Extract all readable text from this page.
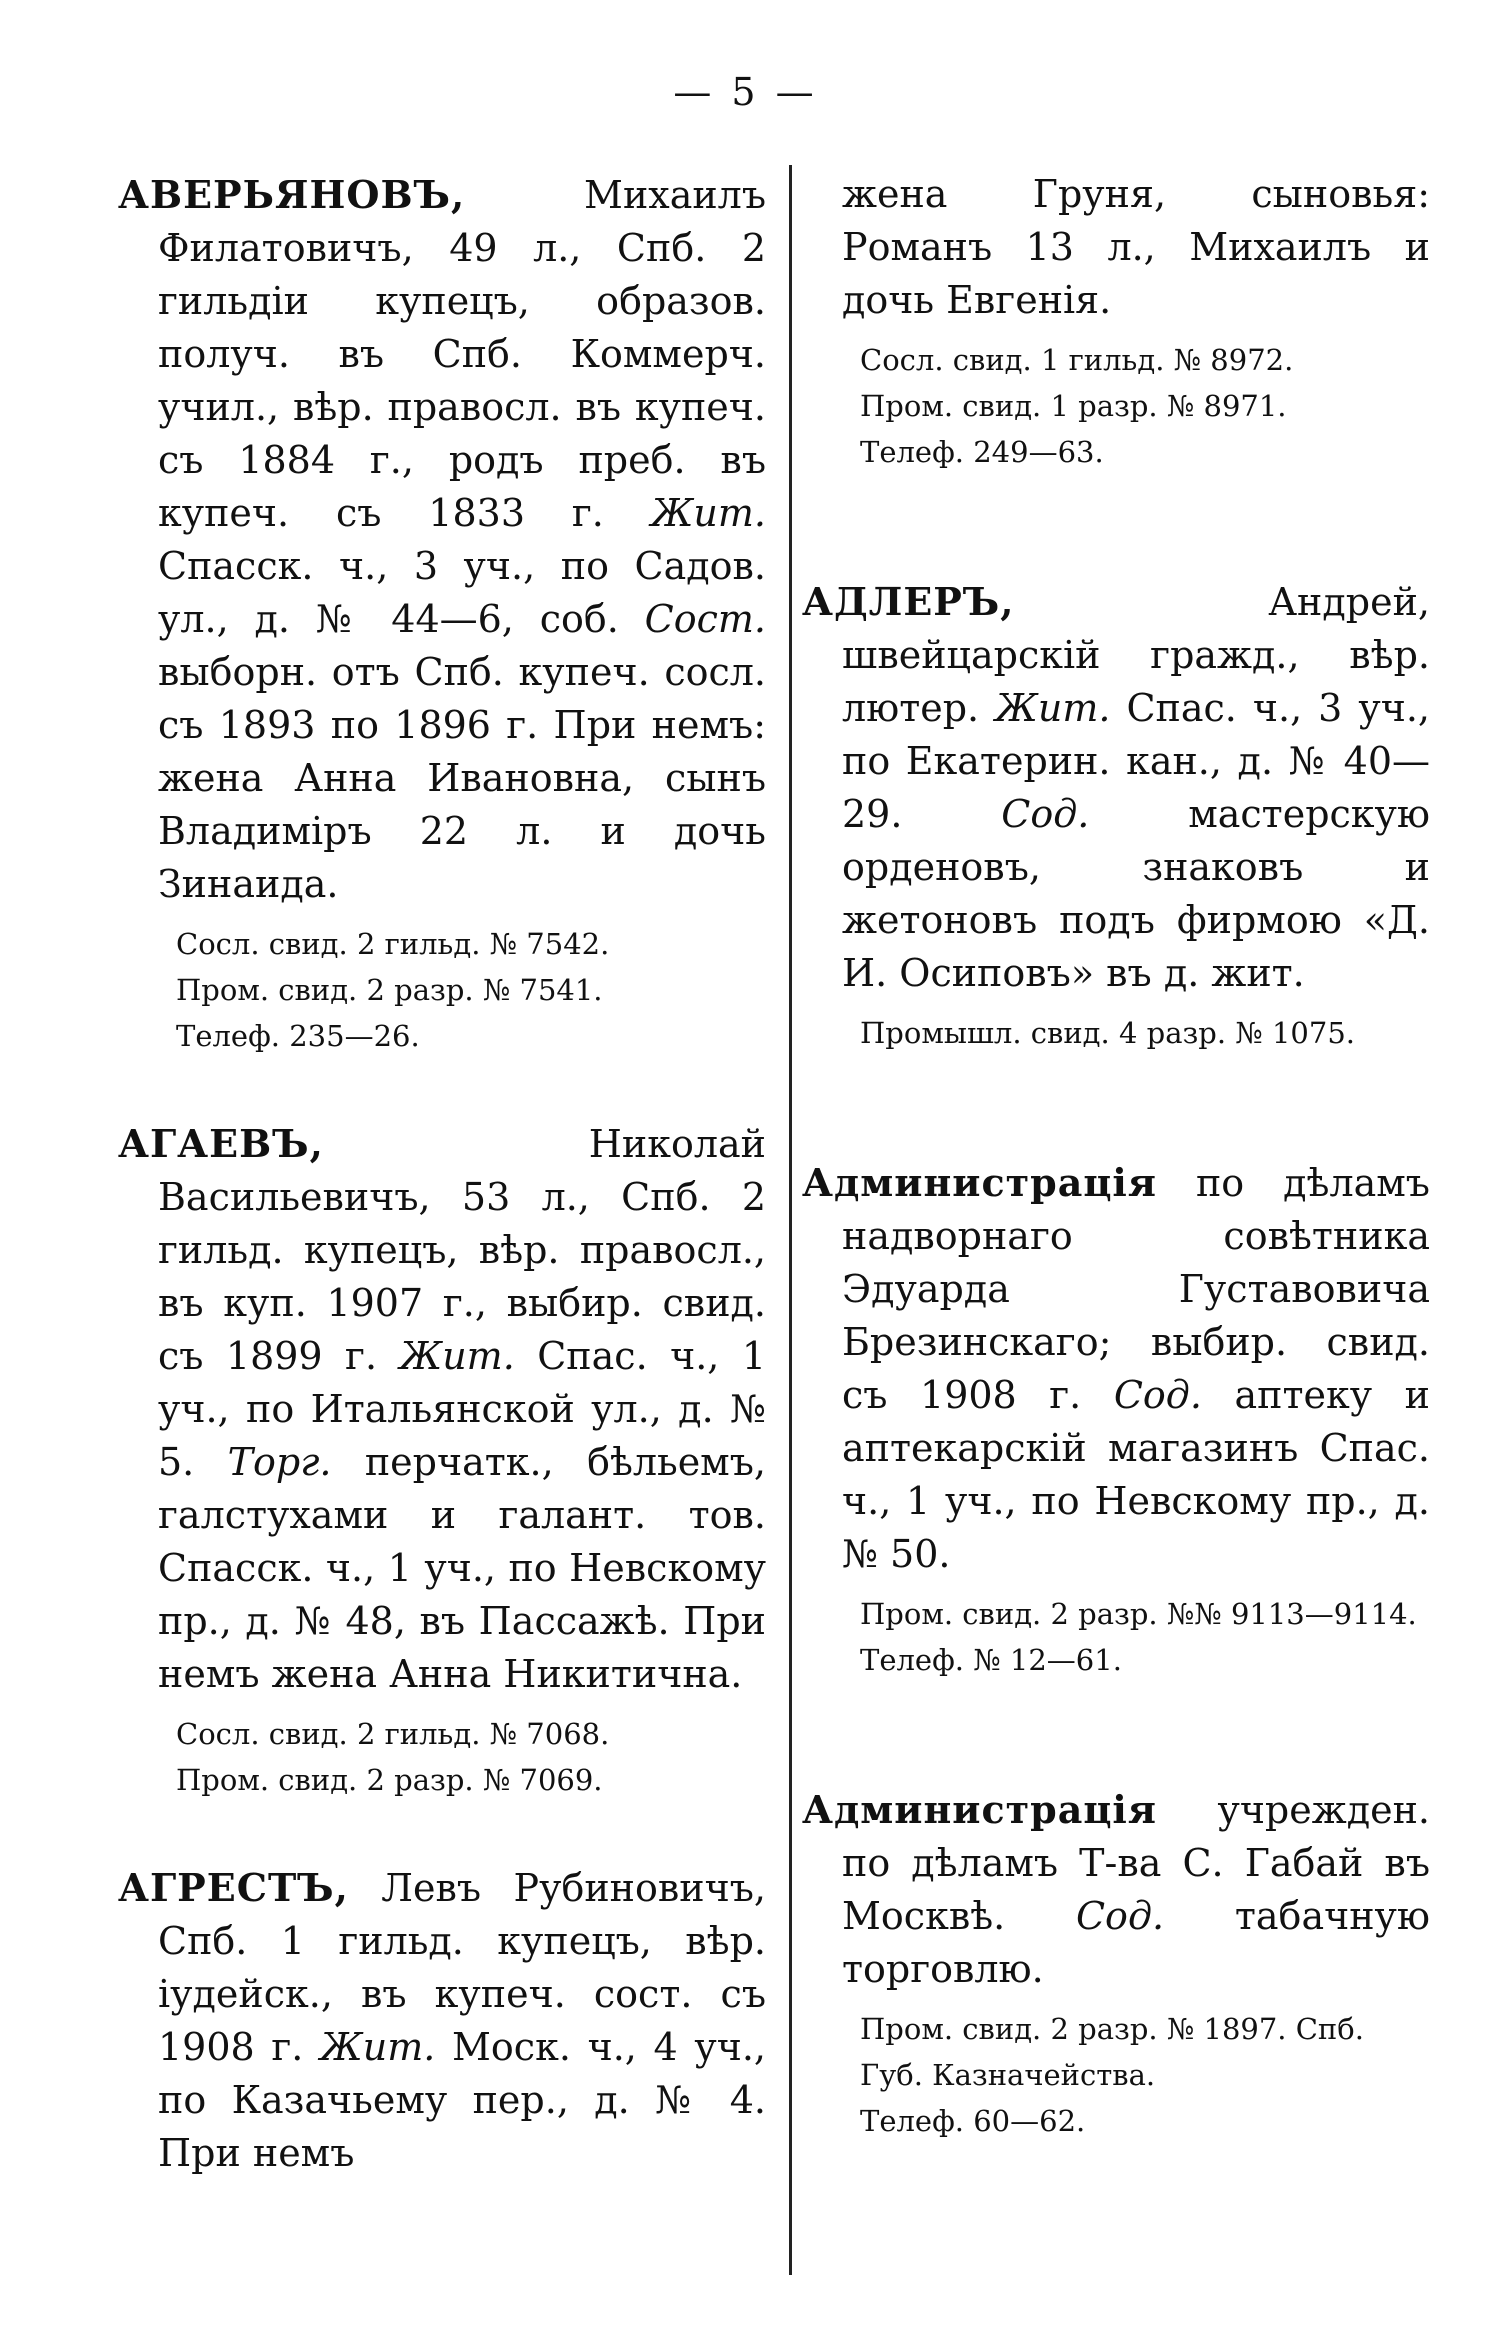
— 5 —

АВЕРЬЯНОВЪ, Михаилъ Филатовичъ, 49 л., Спб. 2 гильдіи купецъ, образов. получ. въ Спб. Коммерч. учил., вѣр. правосл. въ купеч. съ 1884 г., родъ преб. въ купеч. съ 1833 г. Жит. Спасск. ч., 3 уч., по Садов. ул., д. № 44—6, соб. Сост. выборн. отъ Спб. купеч. сосл. съ 1893 по 1896 г. При немъ: жена Анна Ивановна, сынъ Владиміръ 22 л. и дочь Зинаида.

Сосл. свид. 2 гильд. № 7542.
Пром. свид. 2 разр. № 7541.
Телеф. 235—26.

АГАЕВЪ, Николай Васильевичъ, 53 л., Спб. 2 гильд. купецъ, вѣр. правосл., въ куп. 1907 г., выбир. свид. съ 1899 г. Жит. Спас. ч., 1 уч., по Итальянской ул., д. № 5. Торг. перчатк., бѣльемъ, галстухами и галант. тов. Спасск. ч., 1 уч., по Невскому пр., д. № 48, въ Пассажѣ. При немъ жена Анна Никитична.

Сосл. свид. 2 гильд. № 7068.
Пром. свид. 2 разр. № 7069.

АГРЕСТЪ, Левъ Рубиновичъ, Спб. 1 гильд. купецъ, вѣр. іудейск., въ купеч. сост. съ 1908 г. Жит. Моск. ч., 4 уч., по Казачьему пер., д. № 4. При немъ

жена Груня, сыновья: Романъ 13 л., Михаилъ и дочь Евгенія.

Сосл. свид. 1 гильд. № 8972.
Пром. свид. 1 разр. № 8971.
Телеф. 249—63.

АДЛЕРЪ, Андрей, швейцарскій гражд., вѣр. лютер. Жит. Спас. ч., 3 уч., по Екатерин. кан., д. № 40—29. Сод. мастерскую орденовъ, знаковъ и жетоновъ подъ фирмою «Д. И. Осиповъ» въ д. жит.

Промышл. свид. 4 разр. № 1075.

Администрація по дѣламъ надворнаго совѣтника Эдуарда Густавовича Брезинскаго; выбир. свид. съ 1908 г. Сод. аптеку и аптекарскій магазинъ Спас. ч., 1 уч., по Невскому пр., д. № 50.

Пром. свид. 2 разр. №№ 9113—9114.
Телеф. № 12—61.

Администрація учрежден. по дѣламъ Т-ва С. Габай въ Москвѣ. Сод. табачную торговлю.

Пром. свид. 2 разр. № 1897. Спб. Губ. Казначейства.
Телеф. 60—62.
